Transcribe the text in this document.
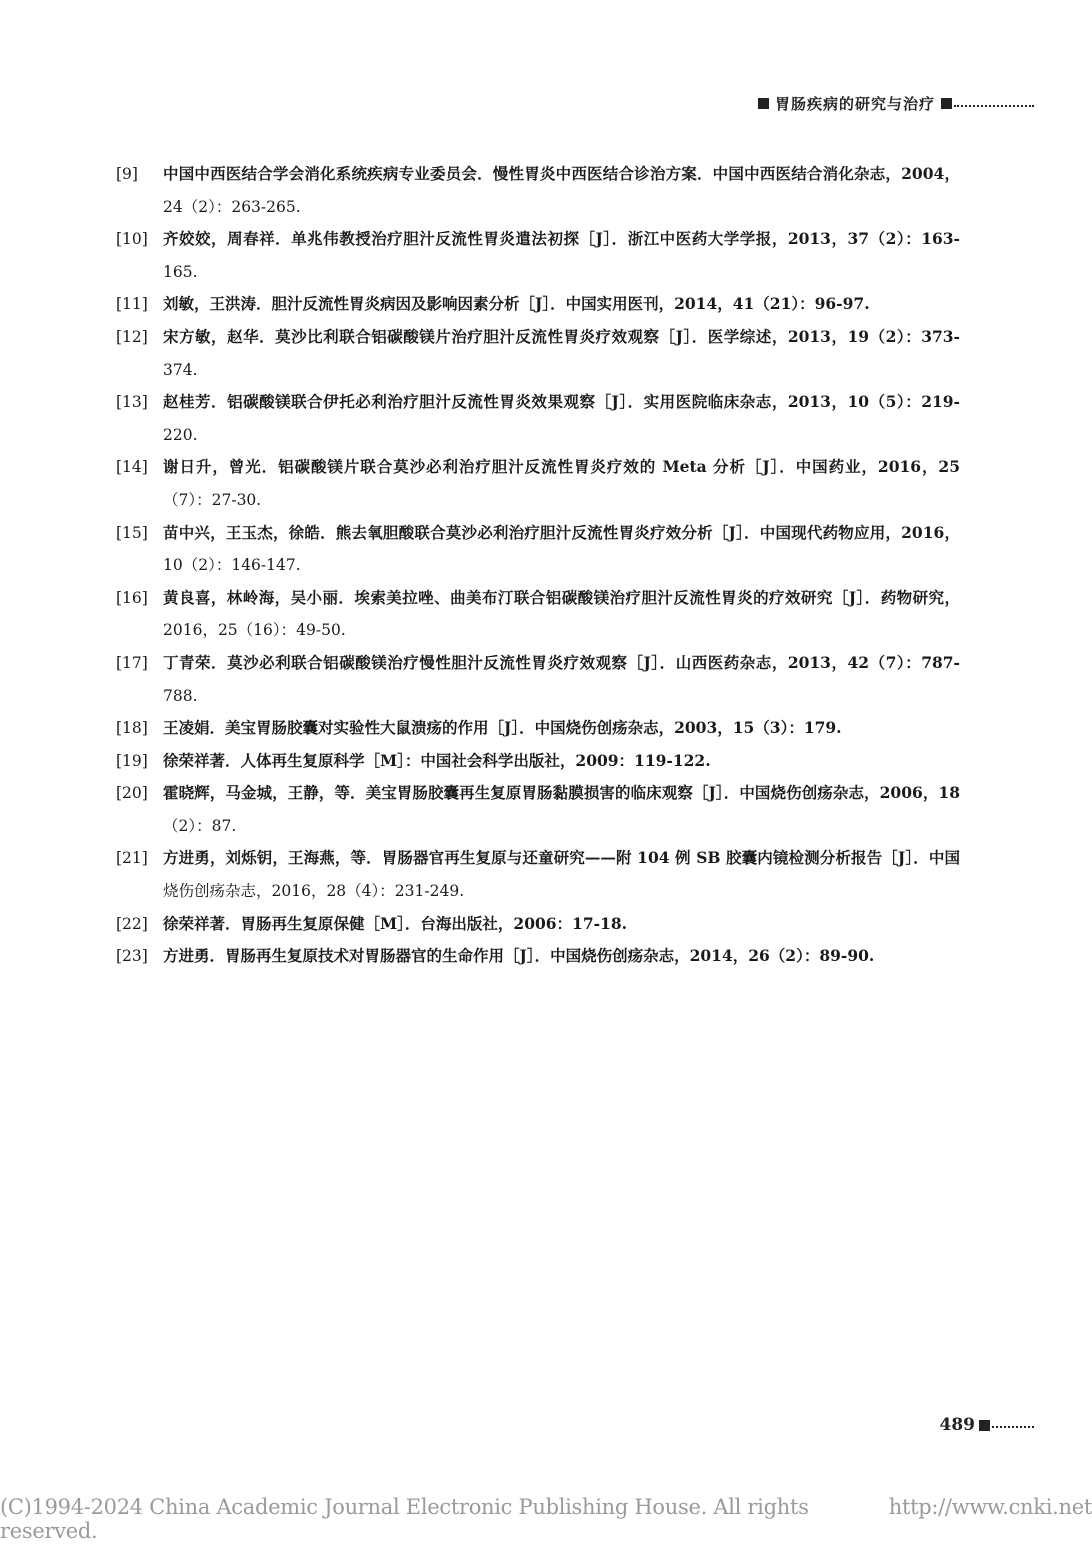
胃肠疾病的研究与治疗
[9] 中国中西医结合学会消化系统疾病专业委员会．慢性胃炎中西医结合诊治方案．中国中西医结合消化杂志，2004，24（2）：263-265.
[10] 齐姣姣，周春祥．单兆伟教授治疗胆汁反流性胃炎遣法初探［J］．浙江中医药大学学报，2013，37（2）：163-165.
[11] 刘敏，王洪涛．胆汁反流性胃炎病因及影响因素分析［J］．中国实用医刊，2014，41（21）：96-97.
[12] 宋方敏，赵华．莫沙比利联合铝碳酸镁片治疗胆汁反流性胃炎疗效观察［J］．医学综述，2013，19（2）：373-374.
[13] 赵桂芳．铝碳酸镁联合伊托必利治疗胆汁反流性胃炎效果观察［J］．实用医院临床杂志，2013，10（5）：219-220.
[14] 谢日升，曾光．铝碳酸镁片联合莫沙必利治疗胆汁反流性胃炎疗效的 Meta 分析［J］．中国药业，2016，25（7）：27-30.
[15] 苗中兴，王玉杰，徐皓．熊去氧胆酸联合莫沙必利治疗胆汁反流性胃炎疗效分析［J］．中国现代药物应用，2016，10（2）：146-147.
[16] 黄良喜，林岭海，吴小丽．埃索美拉唑、曲美布汀联合铝碳酸镁治疗胆汁反流性胃炎的疗效研究［J］．药物研究，2016，25（16）：49-50.
[17] 丁青荣．莫沙必利联合铝碳酸镁治疗慢性胆汁反流性胃炎疗效观察［J］．山西医药杂志，2013，42（7）：787-788.
[18] 王凌娟．美宝胃肠胶囊对实验性大鼠溃疡的作用［J］．中国烧伤创疡杂志，2003，15（3）：179.
[19] 徐荣祥著．人体再生复原科学［M］：中国社会科学出版社，2009：119-122.
[20] 霍晓辉，马金城，王静，等．美宝胃肠胶囊再生复原胃肠黏膜损害的临床观察［J］．中国烧伤创疡杂志，2006，18（2）：87.
[21] 方进勇，刘烁钥，王海燕，等．胃肠器官再生复原与还童研究——附 104 例 SB 胶囊内镜检测分析报告［J］．中国烧伤创疡杂志，2016，28（4）：231-249.
[22] 徐荣祥著．胃肠再生复原保健［M］．台海出版社，2006：17-18.
[23] 方进勇．胃肠再生复原技术对胃肠器官的生命作用［J］．中国烧伤创疡杂志，2014，26（2）：89-90.
489
(C)1994-2024 China Academic Journal Electronic Publishing House. All rights reserved.
http://www.cnki.net
